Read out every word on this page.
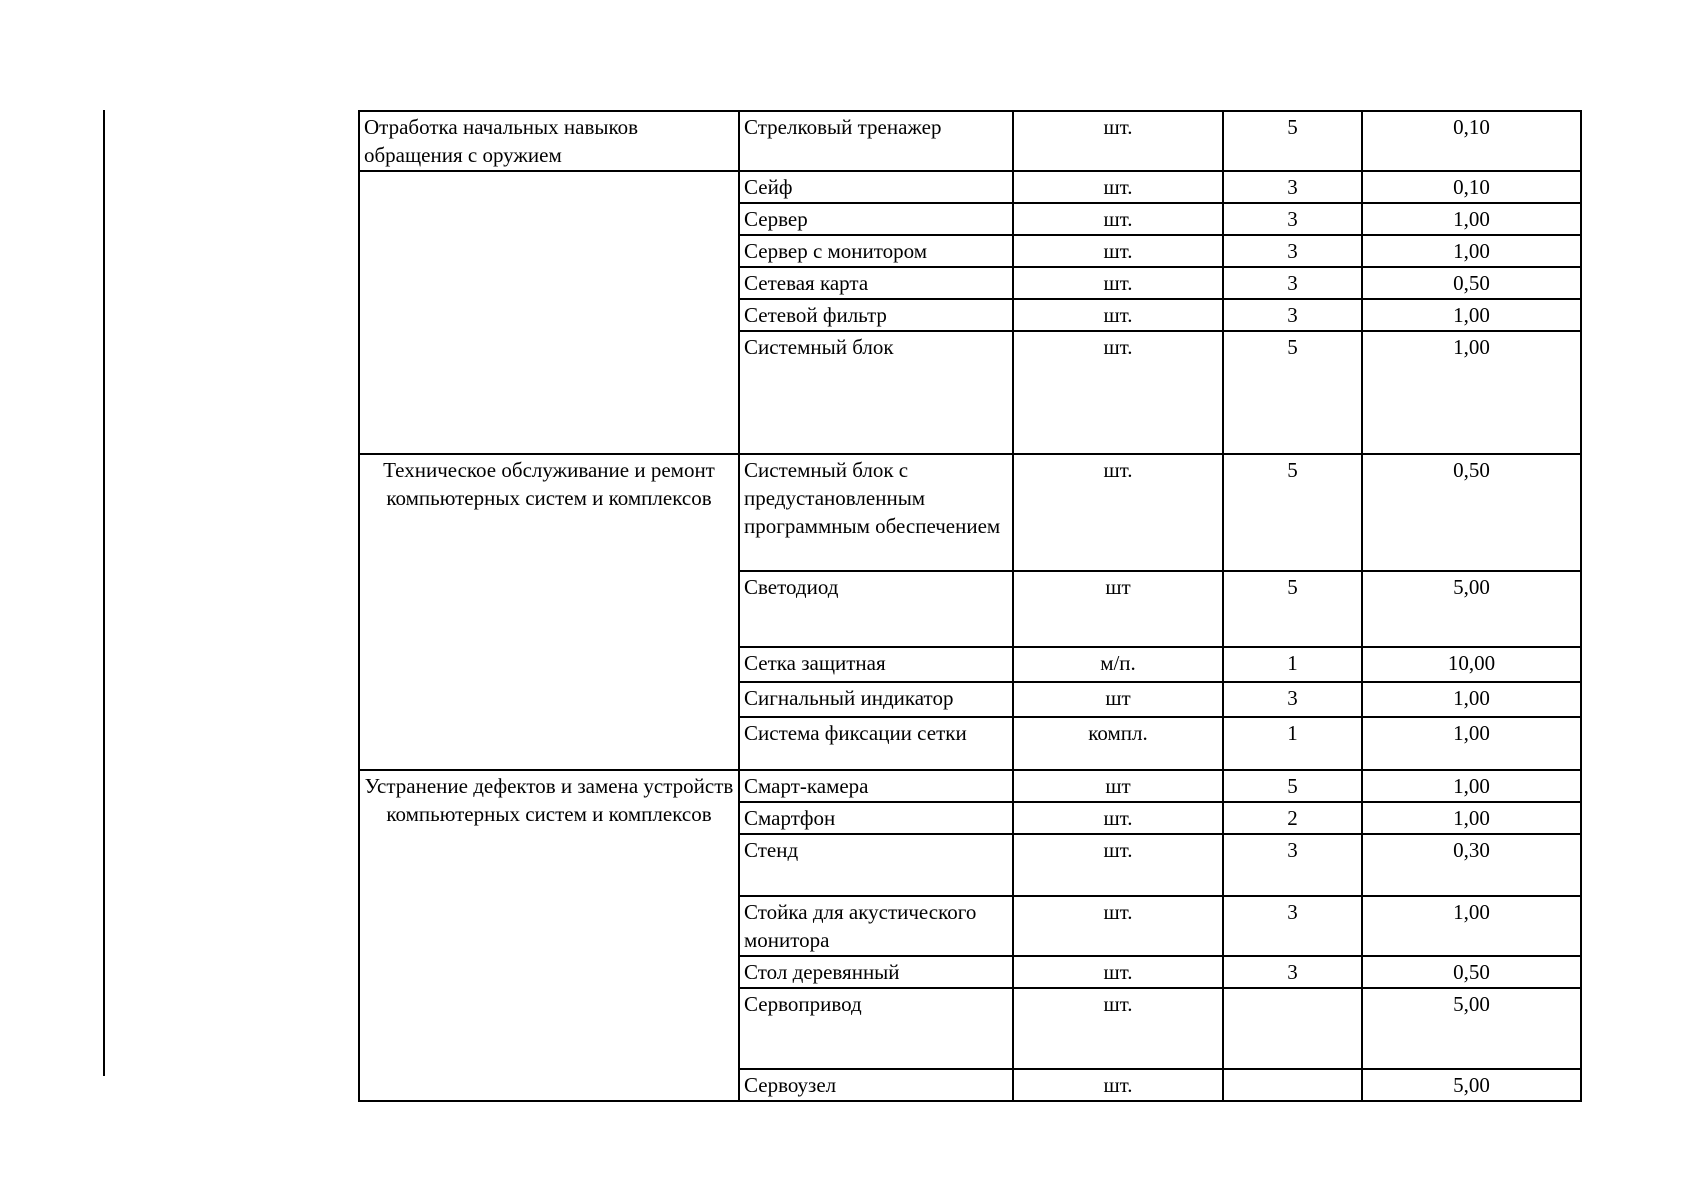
Отработка начальных навыков обращения с оружием	Стрелковый тренажер	шт.	5	0,10
	Сейф	шт.	3	0,10
	Сервер	шт.	3	1,00
	Сервер с монитором	шт.	3	1,00
	Сетевая карта	шт.	3	0,50
	Сетевой фильтр	шт.	3	1,00
	Системный блок	шт.	5	1,00
Техническое обслуживание и ремонт компьютерных систем и комплексов	Системный блок с предустановленным программным обеспечением	шт.	5	0,50
	Светодиод	шт	5	5,00
	Сетка защитная	м/п.	1	10,00
	Сигнальный индикатор	шт	3	1,00
	Система фиксации сетки	компл.	1	1,00
Устранение дефектов и замена устройств компьютерных систем и комплексов	Смарт-камера	шт	5	1,00
	Смартфон	шт.	2	1,00
	Стенд	шт.	3	0,30
	Стойка для акустического монитора	шт.	3	1,00
	Стол деревянный	шт.	3	0,50
	Сервопривод	шт.		5,00
	Сервоузел	шт.		5,00
